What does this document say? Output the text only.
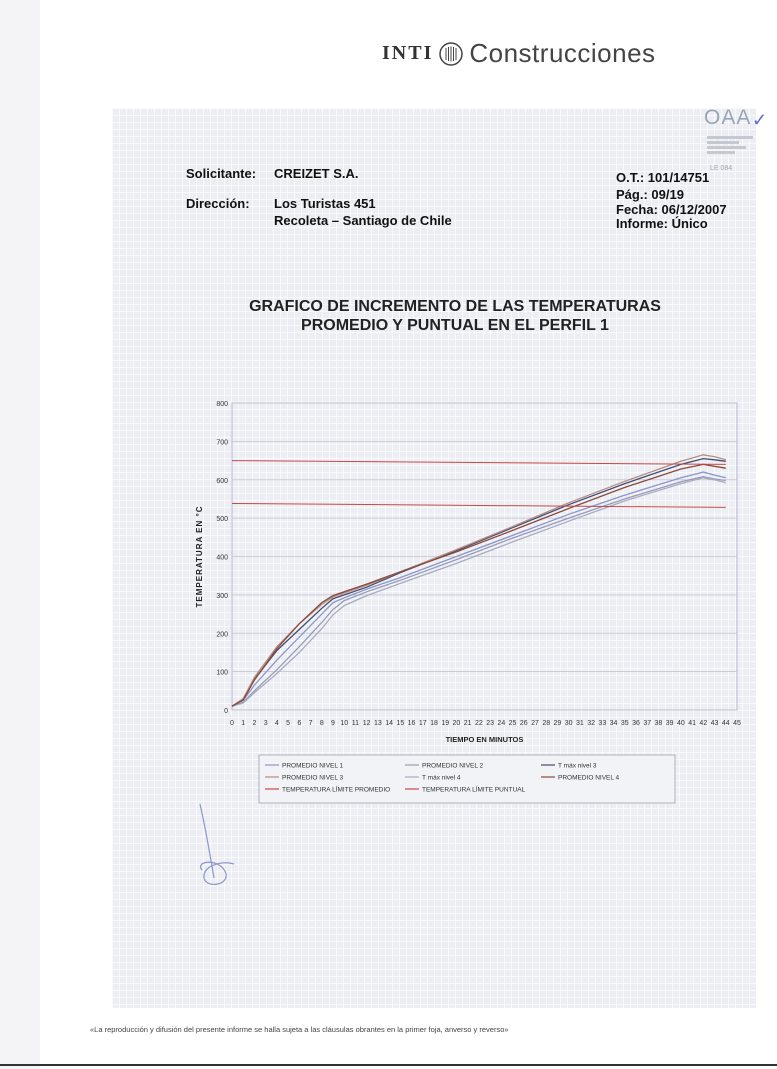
INTI Construcciones
OAA ✓
LE 084
Solicitante: CREIZET S.A.
Dirección: Los Turistas 451
Recoleta – Santiago de Chile
O.T.: 101/14751
Pág.: 09/19
Fecha: 06/12/2007
Informe: Único
GRAFICO DE INCREMENTO DE LAS TEMPERATURAS
PROMEDIO Y PUNTUAL EN EL PERFIL 1
0
100
200
300
400
500
600
700
800
0 1 2 3 4 5 6 7 8 9 10 11 12 13 14 15 16 17 18 19 20 21 22 23 24 25 26 27 28 29 30 31 32 33 34 35 36 37 38 39 40 41 42 43 44 45
TIEMPO EN MINUTOS
TEMPERATURA EN °C
PROMEDIO NIVEL 1	PROMEDIO NIVEL 2	T máx nivel 3
PROMEDIO NIVEL 3	T máx nivel 4	PROMEDIO NIVEL 4
TEMPERATURA LÍMITE PROMEDIO	TEMPERATURA LÍMITE PUNTUAL
«La reproducción y difusión del presente informe se halla sujeta a las cláusulas obrantes en la primer foja, anverso y reverso»
